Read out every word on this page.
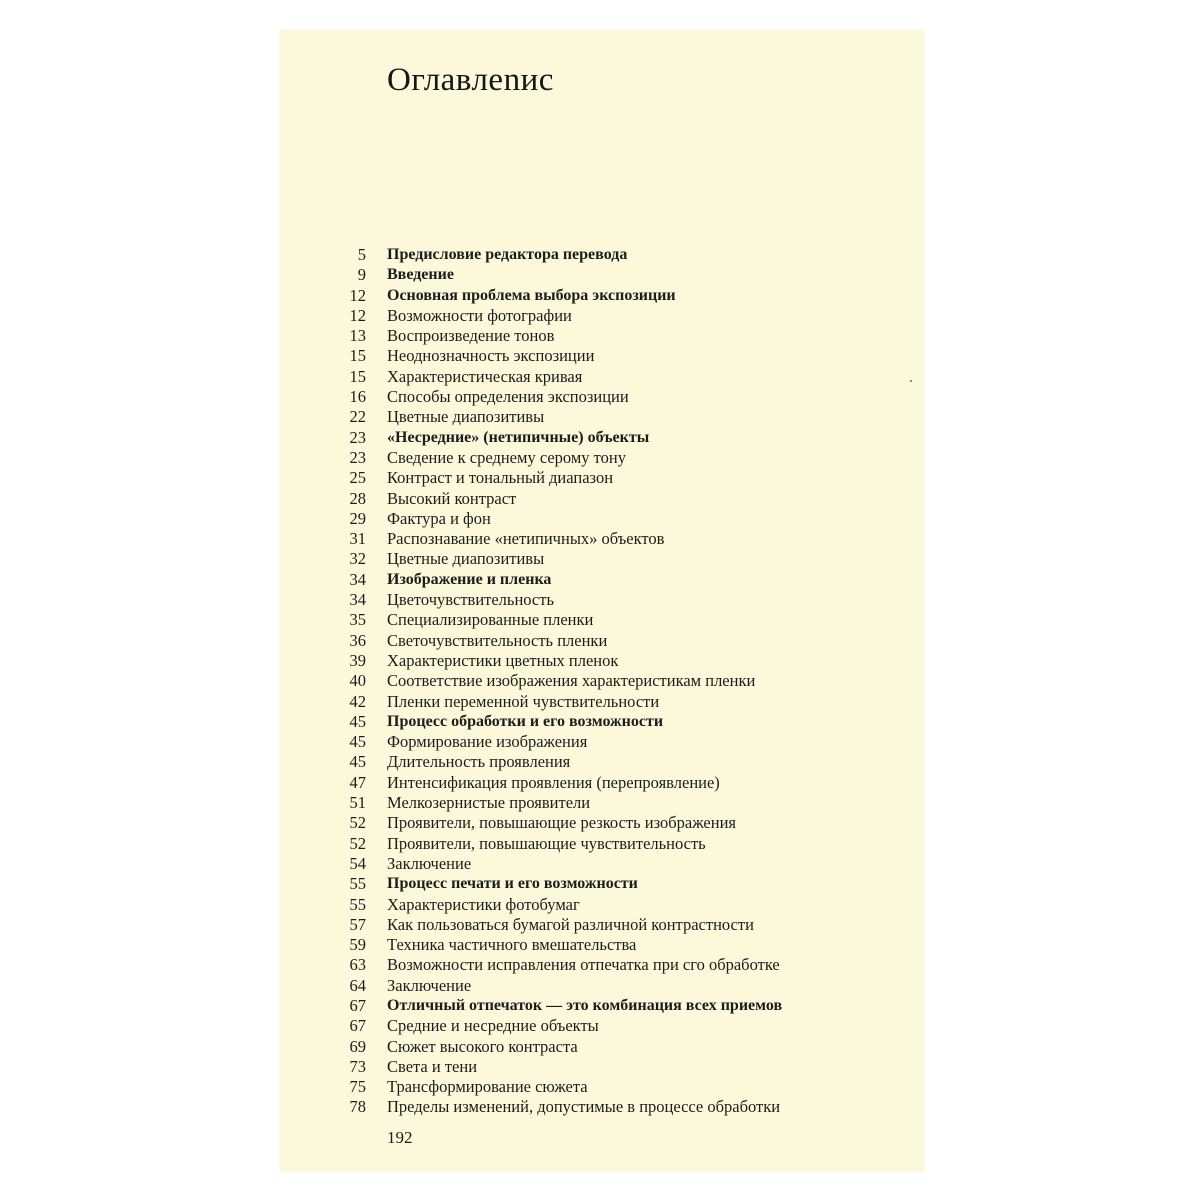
Оглавлеnис
5 Предисловие редактора перевода
9 Введение
12 Основная проблема выбора экспозиции
12 Возможности фотографии
13 Воспроизведение тонов
15 Неоднозначность экспозиции
15 Характеристическая кривая
16 Способы определения экспозиции
22 Цветные диапозитивы
23 «Несредние» (нетипичные) объекты
23 Сведение к среднему серому тону
25 Контраст и тональный диапазон
28 Высокий контраст
29 Фактура и фон
31 Распознавание «нетипичных» объектов
32 Цветные диапозитивы
34 Изображение и пленка
34 Цветочувствительность
35 Специализированные пленки
36 Светочувствительность пленки
39 Характеристики цветных пленок
40 Соответствие изображения характеристикам пленки
42 Пленки переменной чувствительности
45 Процесс обработки и его возможности
45 Формирование изображения
45 Длительность проявления
47 Интенсификация проявления (перепроявление)
51 Мелкозернистые проявители
52 Проявители, повышающие резкость изображения
52 Проявители, повышающие чувствительность
54 Заключение
55 Процесс печати и его возможности
55 Характеристики фотобумаг
57 Как пользоваться бумагой различной контрастности
59 Техника частичного вмешательства
63 Возможности исправления отпечатка при сго обработке
64 Заключение
67 Отличный отпечаток — это комбинация всех приемов
67 Средние и несредние объекты
69 Сюжет высокого контраста
73 Света и тени
75 Трансформирование сюжета
78 Пределы изменений, допустимые в процессе обработки
192
